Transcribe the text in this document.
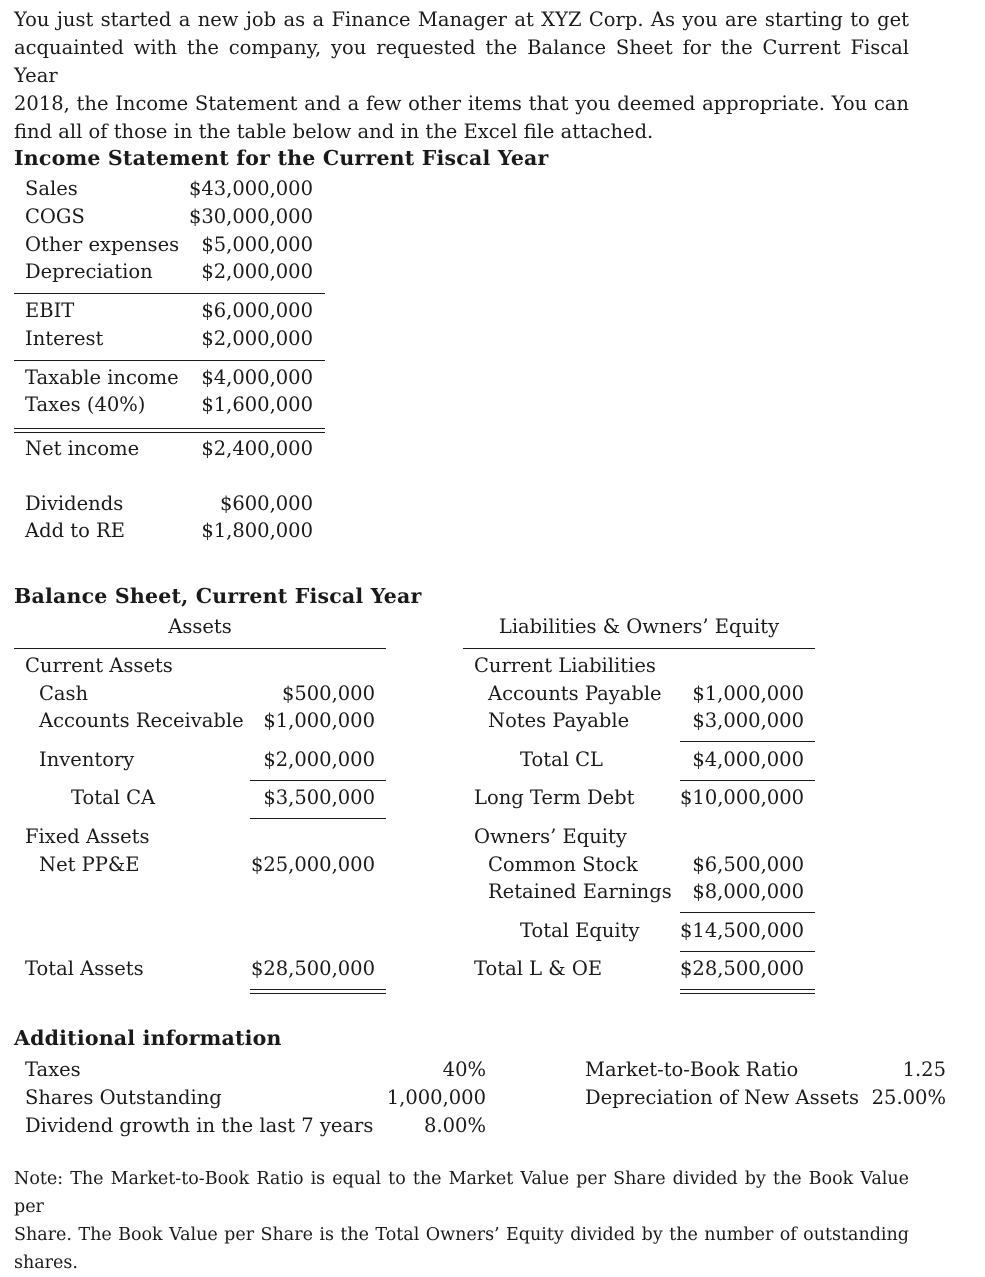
You just started a new job as a Finance Manager at XYZ Corp. As you are starting to get
acquainted with the company, you requested the Balance Sheet for the Current Fiscal Year
2018, the Income Statement and a few other items that you deemed appropriate. You can
find all of those in the table below and in the Excel file attached.
Income Statement for the Current Fiscal Year
Sales	$43,000,000
COGS	$30,000,000
Other expenses	$5,000,000
Depreciation	$2,000,000
EBIT	$6,000,000
Interest	$2,000,000
Taxable income	$4,000,000
Taxes (40%)	$1,600,000
Net income	$2,400,000
Dividends	$600,000
Add to RE	$1,800,000
Balance Sheet, Current Fiscal Year
Assets	Liabilities & Owners’ Equity
Current Assets
Cash	$500,000
Accounts Receivable	$1,000,000
Inventory	$2,000,000
Total CA	$3,500,000
Fixed Assets
Net PP&E	$25,000,000
Total Assets	$28,500,000
Current Liabilities
Accounts Payable	$1,000,000
Notes Payable	$3,000,000
Total CL	$4,000,000
Long Term Debt $10,000,000
Owners’ Equity
Common Stock	$6,500,000
Retained Earnings	$8,000,000
Total Equity $14,500,000
Total L & OE	$28,500,000
Additional information
Taxes	40%
Shares Outstanding	1,000,000
Dividend growth in the last 7 years	8.00%
Market-to-Book Ratio	1.25
Depreciation of New Assets 25.00%
Note: The Market-to-Book Ratio is equal to the Market Value per Share divided by the Book Value per
Share. The Book Value per Share is the Total Owners’ Equity divided by the number of outstanding shares.
